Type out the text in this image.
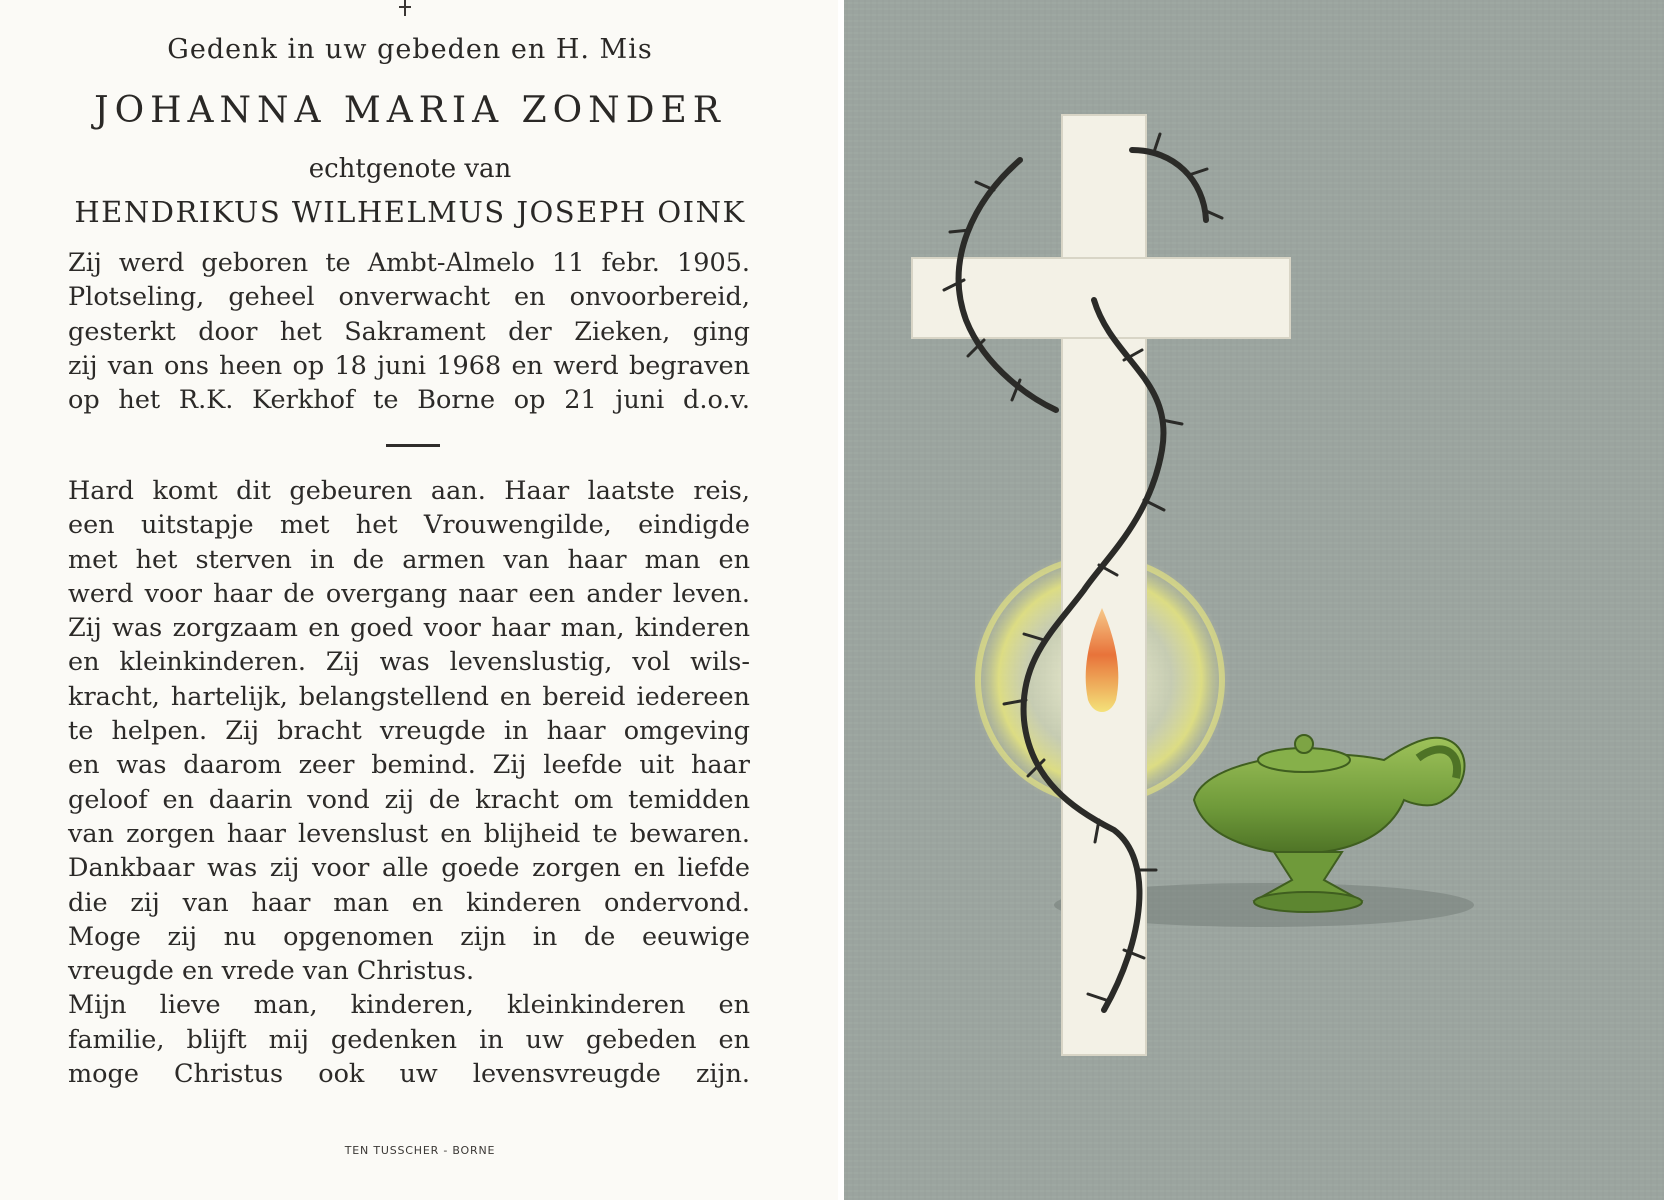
Gedenk in uw gebeden en H. Mis
JOHANNA MARIA ZONDER
echtgenote van
HENDRIKUS WILHELMUS JOSEPH OINK
Zij werd geboren te Ambt-Almelo 11 febr. 1905.
Plotseling, geheel onverwacht en onvoorbereid,
gesterkt door het Sakrament der Zieken, ging
zij van ons heen op 18 juni 1968 en werd begraven
op het R.K. Kerkhof te Borne op 21 juni d.o.v.
Hard komt dit gebeuren aan. Haar laatste reis,
een uitstapje met het Vrouwengilde, eindigde
met het sterven in de armen van haar man en
werd voor haar de overgang naar een ander leven.
Zij was zorgzaam en goed voor haar man, kinderen
en kleinkinderen. Zij was levenslustig, vol wils-
kracht, hartelijk, belangstellend en bereid iedereen
te helpen. Zij bracht vreugde in haar omgeving
en was daarom zeer bemind. Zij leefde uit haar
geloof en daarin vond zij de kracht om temidden
van zorgen haar levenslust en blijheid te bewaren.
Dankbaar was zij voor alle goede zorgen en liefde
die zij van haar man en kinderen ondervond.
Moge zij nu opgenomen zijn in de eeuwige
vreugde en vrede van Christus.
Mijn lieve man, kinderen, kleinkinderen en
familie, blijft mij gedenken in uw gebeden en
moge Christus ook uw levensvreugde zijn.
TEN TUSSCHER - BORNE
